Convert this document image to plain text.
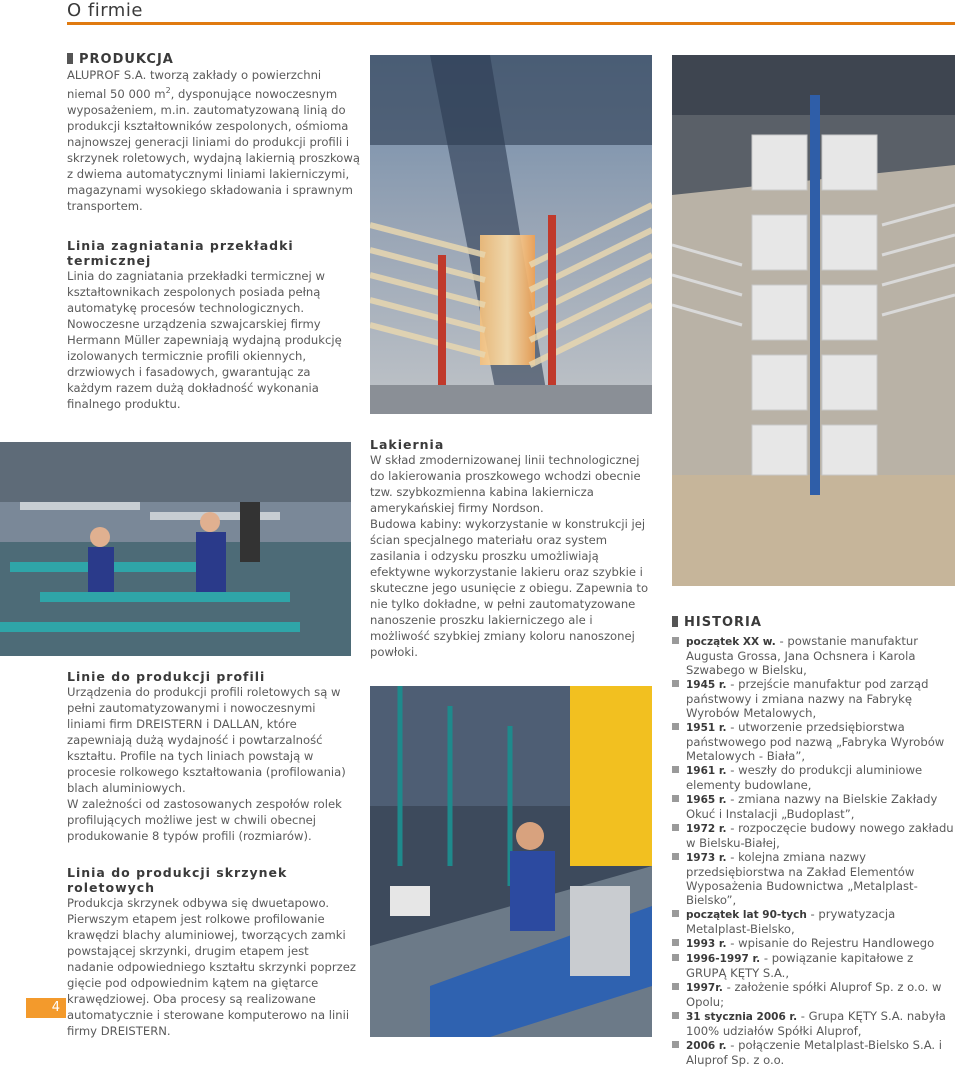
O firmie
PRODUKCJA
ALUPROF S.A. tworzą zakłady o powierzchni niemal 50 000 $m^2$, dysponujące nowoczesnym wyposażeniem, m.in. zautomatyzowaną linią do produkcji kształtowników zespolonych, ośmioma najnowszej generacji liniami do produkcji profili i skrzynek roletowych, wydajną lakiernią proszkową z dwiema automatycznymi liniami lakierniczymi, magazynami wysokiego składowania i sprawnym transportem.
Linia zagniatania przekładki termicznej
Linia do zagniatania przekładki termicznej w kształtownikach zespolonych posiada pełną automatykę procesów technologicznych. Nowoczesne urządzenia szwajcarskiej firmy Hermann Müller zapewniają wydajną produkcję izolowanych termicznie profili okiennych, drzwiowych i fasadowych, gwarantując za każdym razem dużą dokładność wykonania finalnego produktu.
Lakiernia
W skład zmodernizowanej linii technologicznej do lakierowania proszkowego wchodzi obecnie tzw. szybkozmienna kabina lakiernicza amerykańskiej firmy Nordson.
Budowa kabiny: wykorzystanie w konstrukcji jej ścian specjalnego materiału oraz system zasilania i odzysku proszku umożliwiają efektywne wykorzystanie lakieru oraz szybkie i skuteczne jego usunięcie z obiegu. Zapewnia to nie tylko dokładne, w pełni zautomatyzowane nanoszenie proszku lakierniczego ale i możliwość szybkiej zmiany koloru nanoszonej powłoki.
Linie do produkcji profili
Urządzenia do produkcji profili roletowych są w pełni zautomatyzowanymi i nowoczesnymi liniami firm DREISTERN i DALLAN, które zapewniają dużą wydajność i powtarzalność kształtu. Profile na tych liniach powstają w procesie rolkowego kształtowania (profilowania) blach aluminiowych.
W zależności od zastosowanych zespołów rolek profilujących możliwe jest w chwili obecnej produkowanie 8 typów profili (rozmiarów).
Linia do produkcji skrzynek roletowych
Produkcja skrzynek odbywa się dwuetapowo.
Pierwszym etapem jest rolkowe profilowanie krawędzi blachy aluminiowej, tworzących zamki powstającej skrzynki, drugim etapem jest nadanie odpowiedniego kształtu skrzynki poprzez gięcie pod odpowiednim kątem na giętarce krawędziowej. Oba procesy są realizowane automatycznie i sterowane komputerowo na linii firmy DREISTERN.
HISTORIA
początek XX w. - powstanie manufaktur Augusta Grossa, Jana Ochsnera i Karola Szwabego w Bielsku,
1945 r. - przejście manufaktur pod zarząd państwowy i zmiana nazwy na Fabrykę Wyrobów Metalowych,
1951 r. - utworzenie przedsiębiorstwa państwowego pod nazwą „Fabryka Wyrobów Metalowych - Biała”,
1961 r. - weszły do produkcji aluminiowe elementy budowlane,
1965 r. - zmiana nazwy na Bielskie Zakłady Okuć i Instalacji „Budoplast”,
1972 r. - rozpoczęcie budowy nowego zakładu w Bielsku-Białej,
1973 r. - kolejna zmiana nazwy przedsiębiorstwa na Zakład Elementów Wyposażenia Budownictwa „Metalplast-Bielsko”,
początek lat 90-tych - prywatyzacja Metalplast-Bielsko,
1993 r. - wpisanie do Rejestru Handlowego
1996-1997 r. - powiązanie kapitałowe z GRUPĄ KĘTY S.A.,
1997r. - założenie spółki Aluprof Sp. z o.o. w Opolu;
31 stycznia 2006 r. - Grupa KĘTY S.A. nabyła 100% udziałów Spółki Aluprof,
2006 r. - połączenie Metalplast-Bielsko S.A. i Aluprof Sp. z o.o.
4
